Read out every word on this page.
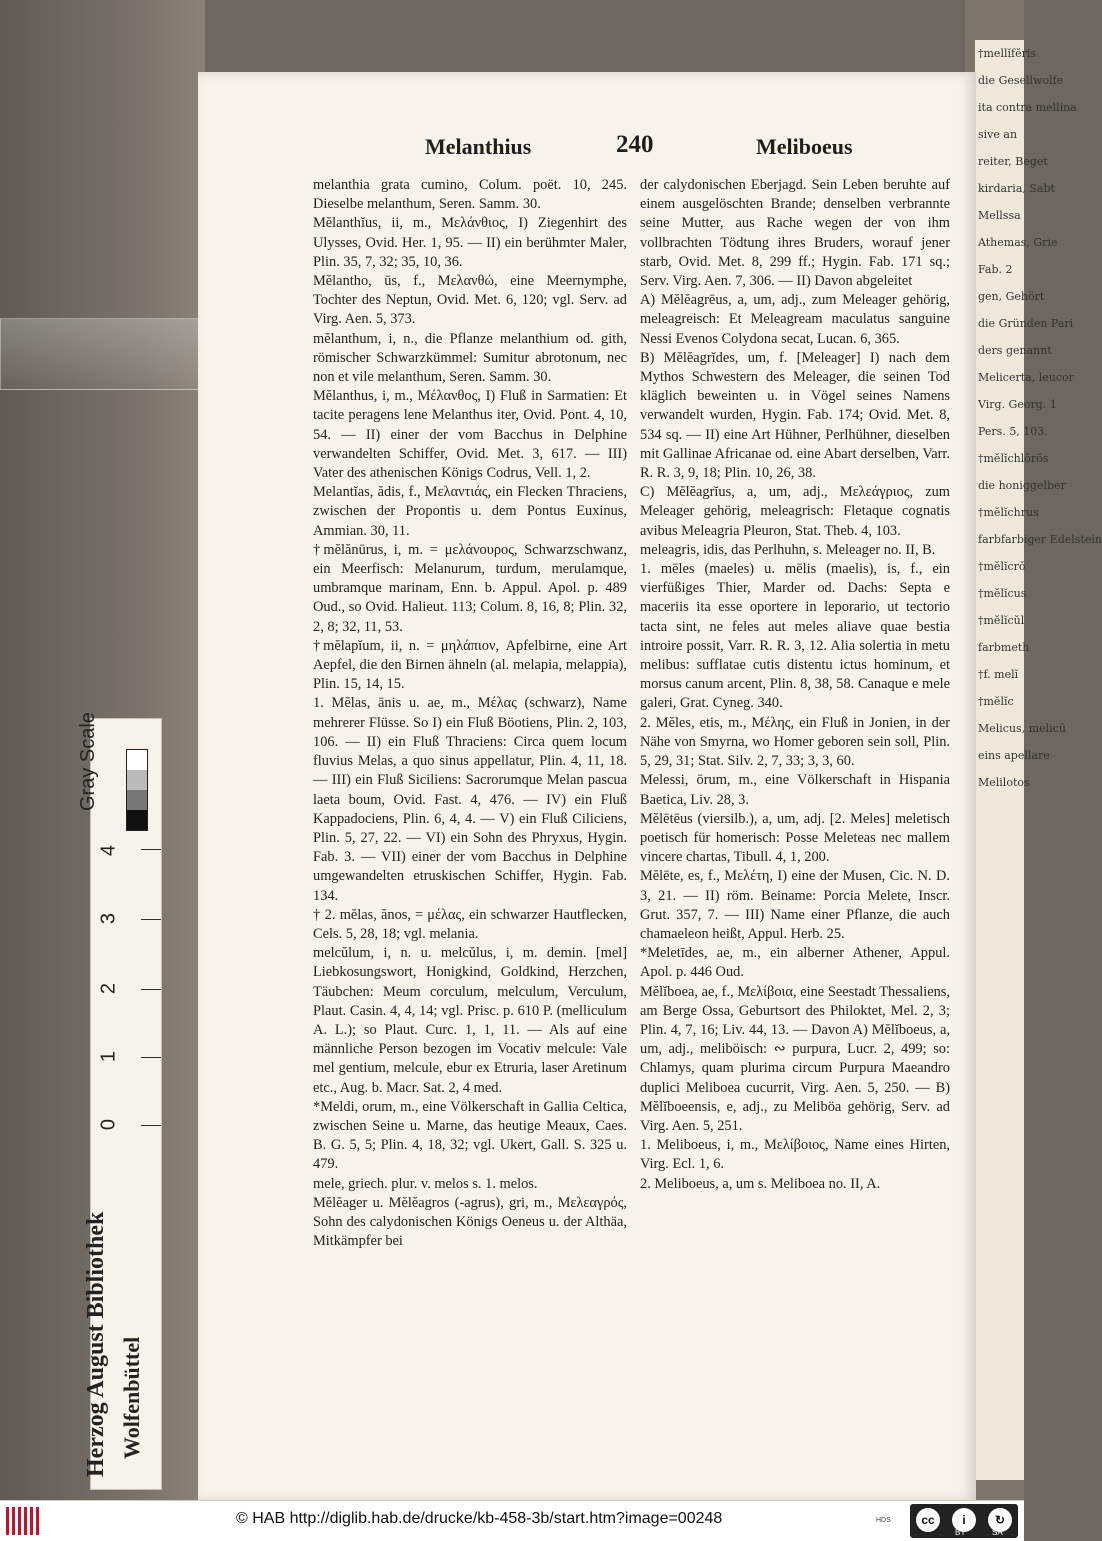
†mellĭfĕris
die Gesellwolfe
ita contra mellina
sive an
reiter, Beget
kirdaria, Sabt
Mellssa
Athemas, Grie
Fab. 2
gen, Gehört
die Gründen Pari
ders genannt
Melicerta, leucor
Virg. Georg. 1
Pers. 5, 103.
†mĕlĭchlōrŏs
die honiggelber
†mĕlĭchrus
farbfarbiger Edelstein
†mĕlĭcrŏ
†mĕlĭcus
†mĕlĭcŭl
farbmeth
†f. melĭ
†mĕlĭc
Melicus, melicū
eins apellare
Melilotos
Melanthius	240	Meliboeus

melanthia grata cumino, Colum. poët. 10, 245. Dieselbe melanthum, Seren. Samm. 30.

Mĕlanthĭus, ii, m., Μελάνθιος, I) Ziegenhirt des Ulysses, Ovid. Her. 1, 95. — II) ein berühmter Maler, Plin. 35, 7, 32; 35, 10, 36.

Mĕlantho, ūs, f., Μελανθώ, eine Meernymphe, Tochter des Neptun, Ovid. Met. 6, 120; vgl. Serv. ad Virg. Aen. 5, 373.

mĕlanthum, i, n., die Pflanze melanthium od. gith, römischer Schwarzkümmel: Sumitur abrotonum, nec non et vile melanthum, Seren. Samm. 30.

Mĕlanthus, i, m., Μέλανθος, I) Fluß in Sarmatien: Et tacite peragens lene Melanthus iter, Ovid. Pont. 4, 10, 54. — II) einer der vom Bacchus in Delphine verwandelten Schiffer, Ovid. Met. 3, 617. — III) Vater des athenischen Königs Codrus, Vell. 1, 2.

Melantĭas, ădis, f., Μελαντιάς, ein Flecken Thraciens, zwischen der Propontis u. dem Pontus Euxinus, Ammian. 30, 11.

†mĕlănūrus, i, m. = μελάνουρος, Schwarzschwanz, ein Meerfisch: Melanurum, turdum, merulamque, umbramque marinam, Enn. b. Appul. Apol. p. 489 Oud., so Ovid. Halieut. 113; Colum. 8, 16, 8; Plin. 32, 2, 8; 32, 11, 53.

†mĕlapĭum, ii, n. = μηλάπιον, Apfelbirne, eine Art Aepfel, die den Birnen ähneln (al. melapia, melappia), Plin. 15, 14, 15.

1. Mĕlas, ānis u. ae, m., Μέλας (schwarz), Name mehrerer Flüsse. So I) ein Fluß Böotiens, Plin. 2, 103, 106. — II) ein Fluß Thraciens: Circa quem locum fluvius Melas, a quo sinus appellatur, Plin. 4, 11, 18. — III) ein Fluß Siciliens: Sacrorumque Melan pascua laeta boum, Ovid. Fast. 4, 476. — IV) ein Fluß Kappadociens, Plin. 6, 4, 4. — V) ein Fluß Ciliciens, Plin. 5, 27, 22. — VI) ein Sohn des Phryxus, Hygin. Fab. 3. — VII) einer der vom Bacchus in Delphine umgewandelten etruskischen Schiffer, Hygin. Fab. 134.

† 2. mĕlas, ănos, = μέλας, ein schwarzer Hautflecken, Cels. 5, 28, 18; vgl. melania.

melcŭlum, i, n. u. melcŭlus, i, m. demin. [mel] Liebkosungswort, Honigkind, Goldkind, Herzchen, Täubchen: Meum corculum, melculum, Verculum, Plaut. Casin. 4, 4, 14; vgl. Prisc. p. 610 P. (melliculum A. L.); so Plaut. Curc. 1, 1, 11. — Als auf eine männliche Person bezogen im Vocativ melcule: Vale mel gentium, melcule, ebur ex Etruria, laser Aretinum etc., Aug. b. Macr. Sat. 2, 4 med.

*Meldi, orum, m., eine Völkerschaft in Gallia Celtica, zwischen Seine u. Marne, das heutige Meaux, Caes. B. G. 5, 5; Plin. 4, 18, 32; vgl. Ukert, Gall. S. 325 u. 479.

mele, griech. plur. v. melos s. 1. melos.

Mĕlĕager u. Mĕlĕagros (-agrus), gri, m., Μελεαγρός, Sohn des calydonischen Königs Oeneus u. der Althäa, Mitkämpfer bei

der calydonischen Eberjagd. Sein Leben beruhte auf einem ausgelöschten Brande; denselben verbrannte seine Mutter, aus Rache wegen der von ihm vollbrachten Tödtung ihres Bruders, worauf jener starb, Ovid. Met. 8, 299 ff.; Hygin. Fab. 171 sq.; Serv. Virg. Aen. 7, 306. — II) Davon abgeleitet

A) Mĕlĕagrēus, a, um, adj., zum Meleager gehörig, meleagreisch: Et Meleagream maculatus sanguine Nessi Evenos Colydona secat, Lucan. 6, 365.

B) Mĕlĕagrĭdes, um, f. [Meleager] I) nach dem Mythos Schwestern des Meleager, die seinen Tod kläglich beweinten u. in Vögel seines Namens verwandelt wurden, Hygin. Fab. 174; Ovid. Met. 8, 534 sq. — II) eine Art Hühner, Perlhühner, dieselben mit Gallinae Africanae od. eine Abart derselben, Varr. R. R. 3, 9, 18; Plin. 10, 26, 38.

C) Mĕlĕagrĭus, a, um, adj., Μελεάγριος, zum Meleager gehörig, meleagrisch: Fletaque cognatis avibus Meleagria Pleuron, Stat. Theb. 4, 103.

meleagris, idis, das Perlhuhn, s. Meleager no. II, B.

1. mēles (maeles) u. mēlis (maelis), is, f., ein vierfüßiges Thier, Marder od. Dachs: Septa e maceriis ita esse oportere in leporario, ut tectorio tacta sint, ne feles aut meles aliave quae bestia introire possit, Varr. R. R. 3, 12. Alia solertia in metu melibus: sufflatae cutis distentu ictus hominum, et morsus canum arcent, Plin. 8, 38, 58. Canaque e mele galeri, Grat. Cyneg. 340.

2. Mĕles, etis, m., Μέλης, ein Fluß in Jonien, in der Nähe von Smyrna, wo Homer geboren sein soll, Plin. 5, 29, 31; Stat. Silv. 2, 7, 33; 3, 3, 60.

Melessi, ōrum, m., eine Völkerschaft in Hispania Baetica, Liv. 28, 3.

Mĕlētēus (viersilb.), a, um, adj. [2. Meles] meletisch poetisch für homerisch: Posse Meleteas nec mallem vincere chartas, Tibull. 4, 1, 200.

Mĕlēte, es, f., Μελέτη, I) eine der Musen, Cic. N. D. 3, 21. — II) röm. Beiname: Porcia Melete, Inscr. Grut. 357, 7. — III) Name einer Pflanze, die auch chamaeleon heißt, Appul. Herb. 25.

*Meletīdes, ae, m., ein alberner Athener, Appul. Apol. p. 446 Oud.

Mĕlĭboea, ae, f., Μελίβοια, eine Seestadt Thessaliens, am Berge Ossa, Geburtsort des Philoktet, Mel. 2, 3; Plin. 4, 7, 16; Liv. 44, 13. — Davon A) Mĕlĭboeus, a, um, adj., meliböisch: ∾ purpura, Lucr. 2, 499; so: Chlamys, quam plurima circum Purpura Maeandro duplici Meliboea cucurrit, Virg. Aen. 5, 250. — B) Mĕlĭboeensis, e, adj., zu Meliböa gehörig, Serv. ad Virg. Aen. 5, 251.

1. Meliboeus, i, m., Μελίβοιος, Name eines Hirten, Virg. Ecl. 1, 6.

2. Meliboeus, a, um s. Meliboea no. II, A.

Gray Scale
4
3
2
1
0
Herzog August Bibliothek Wolfenbüttel
© HAB http://diglib.hab.de/drucke/kb-458-3b/start.htm?image=00248	HDS	cc	i	↻
BY	SA
